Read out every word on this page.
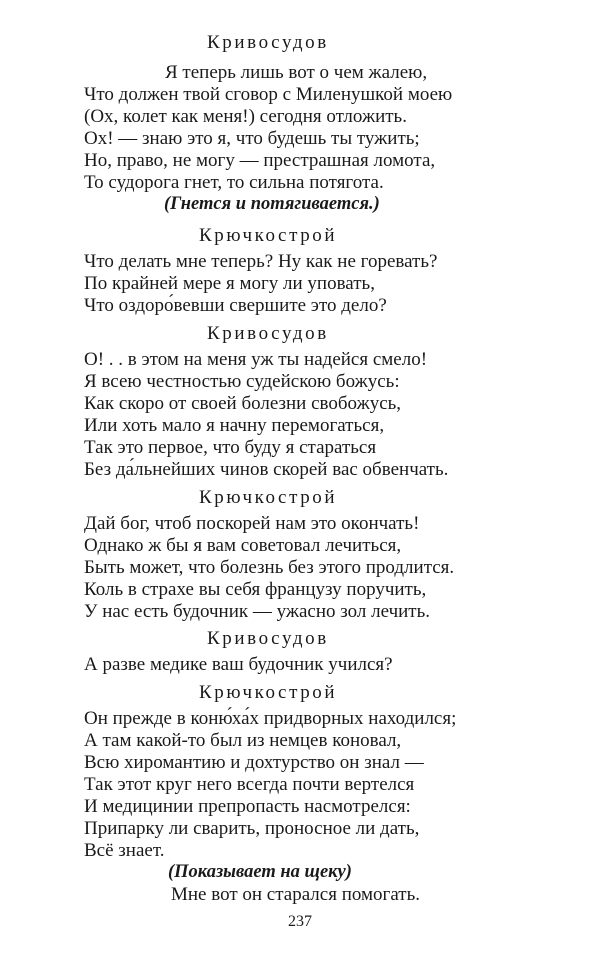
Кривосудов
Я теперь лишь вот о чем жалею,
Что должен твой сговор с Миленушкой моею
(Ох, колет как меня!) сегодня отложить.
Ох! — знаю это я, что будешь ты тужить;
Но, право, не могу — престрашная ломота,
То судорога гнет, то сильна потягота.
(Гнется и потягивается.)
Крючкострой
Что делать мне теперь? Ну как не горевать?
По крайней мере я могу ли уповать,
Что оздоро́вевши свершите это дело?
Кривосудов
О! . . в этом на меня уж ты надейся смело!
Я всею честностью судейскою божусь:
Как скоро от своей болезни свобожусь,
Или хоть мало я начну перемогаться,
Так это первое, что буду я стараться
Без да́льнейших чинов скорей вас обвенчать.
Крючкострой
Дай бог, чтоб поскорей нам это окончать!
Однако ж бы я вам советовал лечиться,
Быть может, что болезнь без этого продлится.
Коль в страхе вы себя французу поручить,
У нас есть будочник — ужасно зол лечить.
Кривосудов
А разве медике ваш будочник учился?
Крючкострой
Он прежде в коню́ха́х придворных находился;
А там какой-то был из немцев коновал,
Всю хиромантию и дохтурство он знал —
Так этот круг него всегда почти вертелся
И медицинии препропасть насмотрелся:
Припарку ли сварить, проносное ли дать,
Всё знает.
(Показывает на щеку)
Мне вот он старался помогать.
237
